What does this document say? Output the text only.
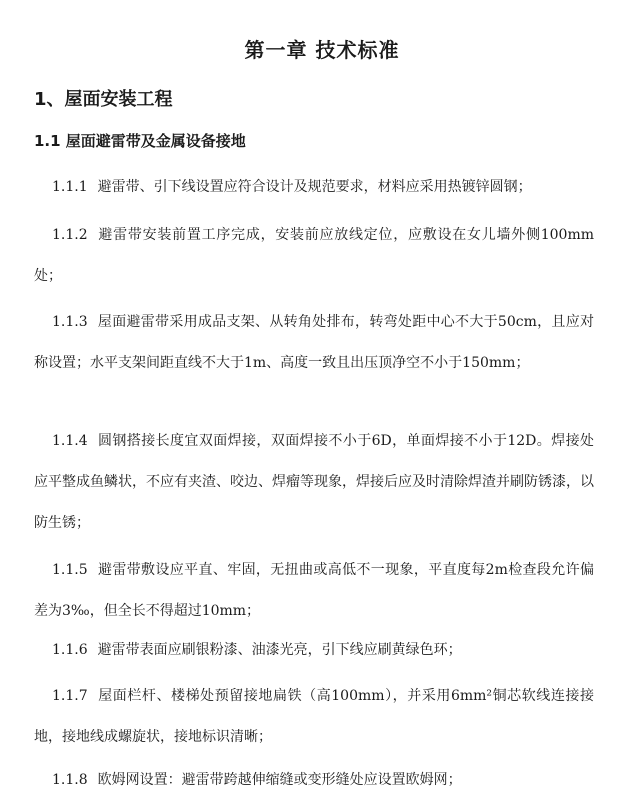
第一章 技术标准
1、屋面安装工程
1.1 屋面避雷带及金属设备接地

1.1.1 避雷带、引下线设置应符合设计及规范要求，材料应采用热镀锌圆钢；

1.1.2 避雷带安装前置工序完成，安装前应放线定位，应敷设在女儿墙外侧100mm处；

1.1.3 屋面避雷带采用成品支架、从转角处排布，转弯处距中心不大于50cm，且应对称设置；水平支架间距直线不大于1m、高度一致且出压顶净空不小于150mm；

1.1.4 圆钢搭接长度宜双面焊接，双面焊接不小于6D，单面焊接不小于12D。焊接处应平整成鱼鳞状，不应有夹渣、咬边、焊瘤等现象，焊接后应及时清除焊渣并刷防锈漆，以防生锈；

1.1.5 避雷带敷设应平直、牢固，无扭曲或高低不一现象，平直度每2m检查段允许偏差为3‰，但全长不得超过10mm；

1.1.6 避雷带表面应刷银粉漆、油漆光亮，引下线应刷黄绿色环；

1.1.7 屋面栏杆、楼梯处预留接地扁铁（高100mm），并采用6mm²铜芯软线连接接地，接地线成螺旋状，接地标识清晰；

1.1.8 欧姆网设置：避雷带跨越伸缩缝或变形缝处应设置欧姆网；
